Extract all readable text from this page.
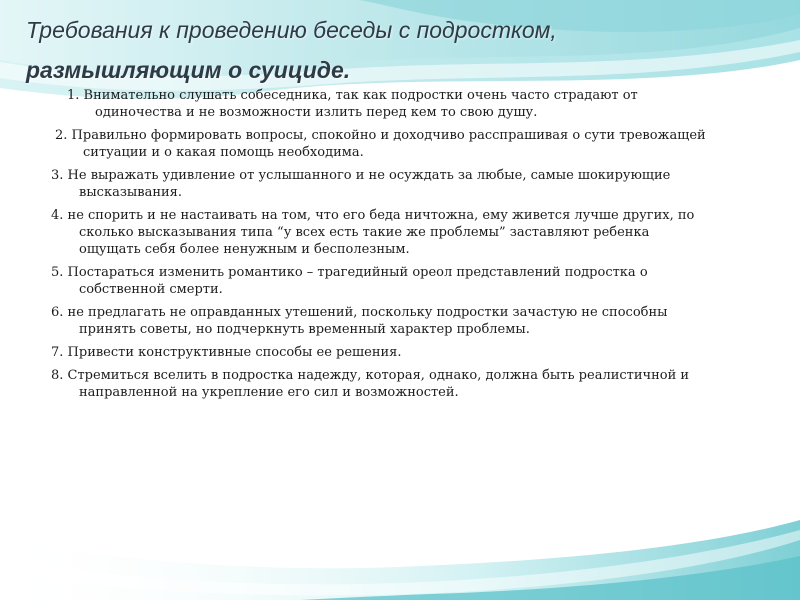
Требования к проведению беседы с подростком,
размышляющим о суициде.
1. Внимательно слушать собеседника, так как подростки очень часто страдают от одиночества и не возможности излить перед кем то свою душу.
2. Правильно формировать вопросы, спокойно и доходчиво расспрашивая о сути тревожащей ситуации и о какая помощь необходима.
3. Не выражать удивление от услышанного и не осуждать за любые, самые шокирующие высказывания.
4. не спорить и не настаивать на том, что его беда ничтожна, ему живется лучше других, по сколько высказывания типа “у всех есть такие же проблемы” заставляют ребенка ощущать себя более ненужным и бесполезным.
5. Постараться изменить романтико – трагедийный ореол представлений подростка о собственной смерти.
6. не предлагать не оправданных утешений, поскольку подростки зачастую не способны принять советы, но подчеркнуть временный характер проблемы.
7. Привести конструктивные способы ее решения.
8. Стремиться вселить в подростка надежду, которая, однако, должна быть реалистичной и направленной на укрепление его сил и возможностей.
